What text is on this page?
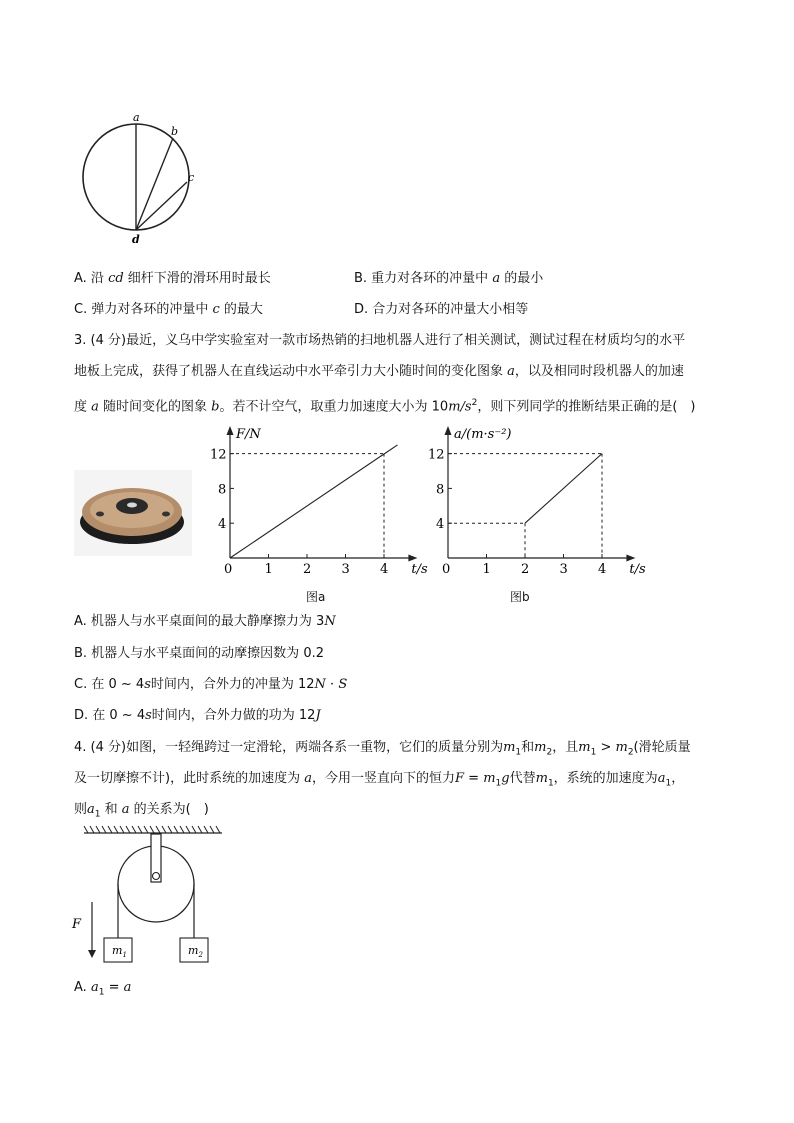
a
b
c
d
A. 沿 cd 细杆下滑的滑环用时最长	B. 重力对各环的冲量中 a 的最小
C. 弹力对各环的冲量中 c 的最大	D. 合力对各环的冲量大小相等
3. (4 分)最近，义乌中学实验室对一款市场热销的扫地机器人进行了相关测试，测试过程在材质均匀的水平
地板上完成，获得了机器人在直线运动中水平牵引力大小随时间的变化图象 a，以及相同时段机器人的加速
度 a 随时间变化的图象 b。若不计空气，取重力加速度大小为 $10m/s^2$，则下列同学的推断结果正确的是(　)
F/N
t/s
0 1 2 3 4
4
8
12
图a
a/(m·s⁻²)
t/s
0 1 2 3 4
4
8
12
图b
A. 机器人与水平桌面间的最大静摩擦力为 3N
B. 机器人与水平桌面间的动摩擦因数为 0.2
C. 在 0 ~ 4s时间内，合外力的冲量为 12N · S
D. 在 0 ~ 4s时间内，合外力做的功为 12J
4. (4 分)如图，一轻绳跨过一定滑轮，两端各系一重物，它们的质量分别为$m_1$和$m_2$，且$m_1 > m_2$(滑轮质量
及一切摩擦不计)，此时系统的加速度为 a，今用一竖直向下的恒力$F = m_1g$代替$m_1$，系统的加速度为$a_1$，
则$a_1$ 和 a 的关系为(　)
$m_1$	$m_2$
F
A. $a_1 = a$
